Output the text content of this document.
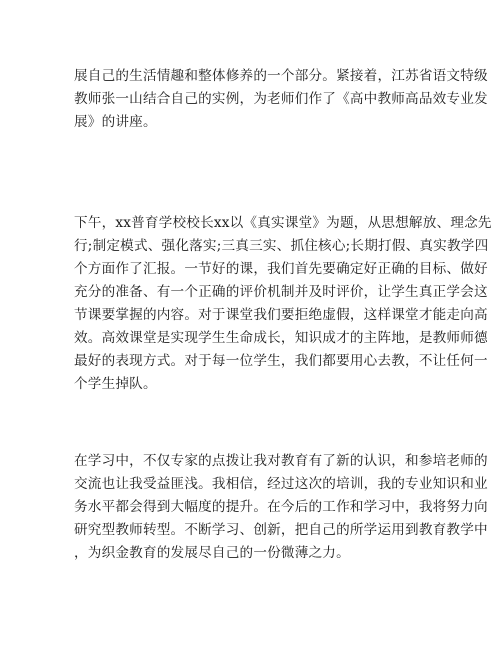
展自己的生活情趣和整体修养的一个部分。紧接着，江苏省语文特级
教师张一山结合自己的实例，为老师们作了《高中教师高品效专业发
展》的讲座。
下午，xx普育学校校长xx以《真实课堂》为题，从思想解放、理念先
行;制定模式、强化落实;三真三实、抓住核心;长期打假、真实教学四
个方面作了汇报。一节好的课，我们首先要确定好正确的目标、做好
充分的准备、有一个正确的评价机制并及时评价，让学生真正学会这
节课要掌握的内容。对于课堂我们要拒绝虚假，这样课堂才能走向高
效。高效课堂是实现学生生命成长，知识成才的主阵地，是教师师德
最好的表现方式。对于每一位学生，我们都要用心去教，不让任何一
个学生掉队。
在学习中，不仅专家的点拨让我对教育有了新的认识，和参培老师的
交流也让我受益匪浅。我相信，经过这次的培训，我的专业知识和业
务水平都会得到大幅度的提升。在今后的工作和学习中，我将努力向
研究型教师转型。不断学习、创新，把自己的所学运用到教育教学中
，为织金教育的发展尽自己的一份微薄之力。
